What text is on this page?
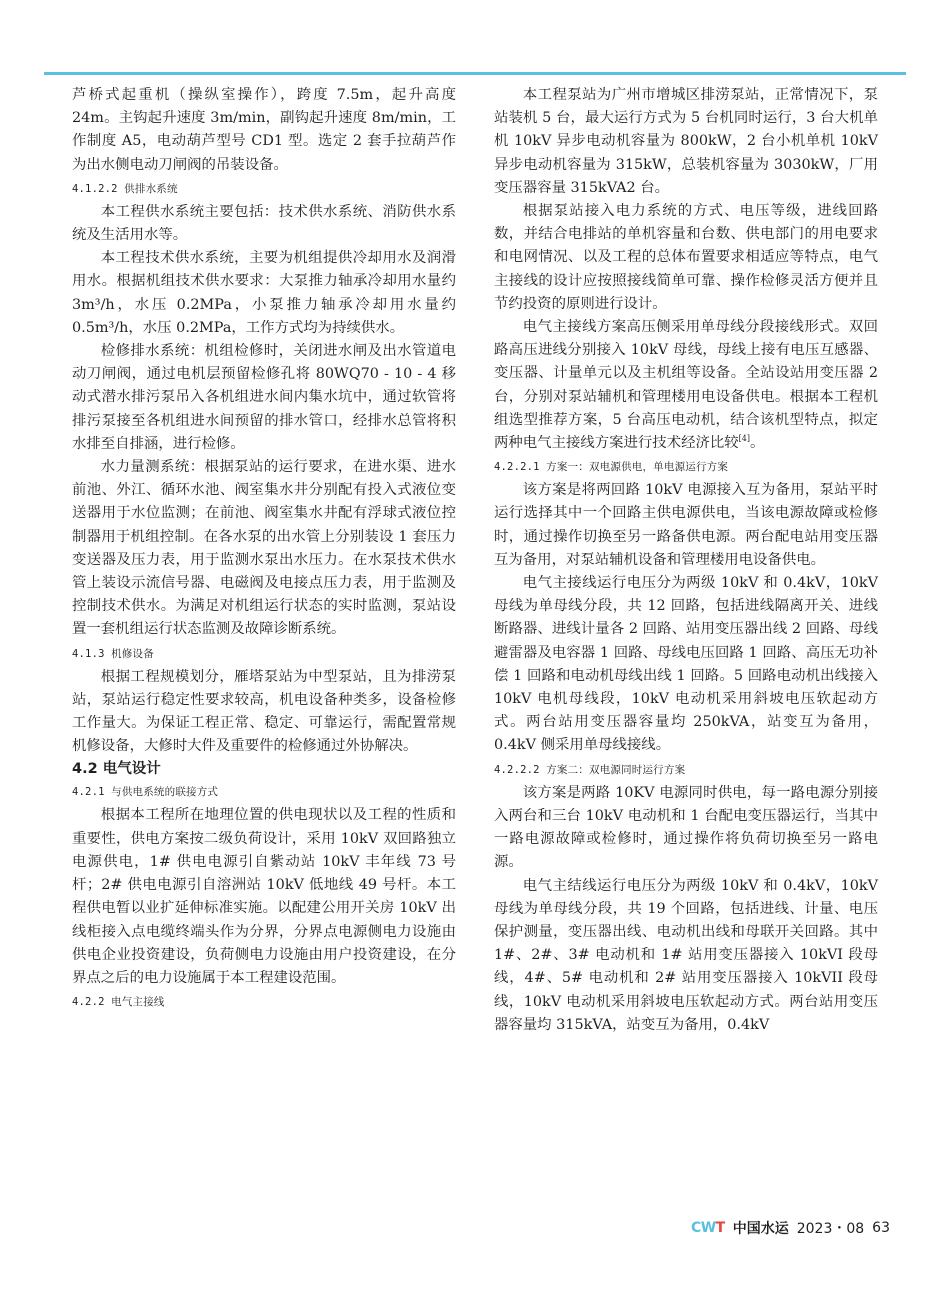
芦桥式起重机（操纵室操作），跨度 7.5m，起升高度 24m。主钩起升速度 3m/min，副钩起升速度 8m/min，工作制度 A5，电动葫芦型号 CD1 型。选定 2 套手拉葫芦作为出水侧电动刀闸阀的吊装设备。

4.1.2.2 供排水系统

本工程供水系统主要包括：技术供水系统、消防供水系统及生活用水等。

本工程技术供水系统，主要为机组提供冷却用水及润滑用水。根据机组技术供水要求：大泵推力轴承冷却用水量约 3m³/h，水压 0.2MPa，小泵推力轴承冷却用水量约 0.5m³/h，水压 0.2MPa，工作方式均为持续供水。

检修排水系统：机组检修时，关闭进水闸及出水管道电动刀闸阀，通过电机层预留检修孔将 80WQ70 - 10 - 4 移动式潜水排污泵吊入各机组进水间内集水坑中，通过软管将排污泵接至各机组进水间预留的排水管口，经排水总管将积水排至自排涵，进行检修。

水力量测系统：根据泵站的运行要求，在进水渠、进水前池、外江、循环水池、阀室集水井分别配有投入式液位变送器用于水位监测；在前池、阀室集水井配有浮球式液位控制器用于机组控制。在各水泵的出水管上分别装设 1 套压力变送器及压力表，用于监测水泵出水压力。在水泵技术供水管上装设示流信号器、电磁阀及电接点压力表，用于监测及控制技术供水。为满足对机组运行状态的实时监测，泵站设置一套机组运行状态监测及故障诊断系统。

4.1.3 机修设备

根据工程规模划分，雁塔泵站为中型泵站，且为排涝泵站，泵站运行稳定性要求较高，机电设备种类多，设备检修工作量大。为保证工程正常、稳定、可靠运行，需配置常规机修设备，大修时大件及重要件的检修通过外协解决。

4.2 电气设计
4.2.1 与供电系统的联接方式

根据本工程所在地理位置的供电现状以及工程的性质和重要性，供电方案按二级负荷设计，采用 10kV 双回路独立电源供电，1# 供电电源引自紫动站 10kV 丰年线 73 号杆；2# 供电电源引自溶洲站 10kV 低地线 49 号杆。本工程供电暂以业扩延伸标准实施。以配建公用开关房 10kV 出线柜接入点电缆终端头作为分界，分界点电源侧电力设施由供电企业投资建设，负荷侧电力设施由用户投资建设，在分界点之后的电力设施属于本工程建设范围。

4.2.2 电气主接线

本工程泵站为广州市增城区排涝泵站，正常情况下，泵站装机 5 台，最大运行方式为 5 台机同时运行，3 台大机单机 10kV 异步电动机容量为 800kW，2 台小机单机 10kV 异步电动机容量为 315kW，总装机容量为 3030kW，厂用变压器容量 315kVA2 台。

根据泵站接入电力系统的方式、电压等级，进线回路数，并结合电排站的单机容量和台数、供电部门的用电要求和电网情况、以及工程的总体布置要求相适应等特点，电气主接线的设计应按照接线简单可靠、操作检修灵活方便并且节约投资的原则进行设计。

电气主接线方案高压侧采用单母线分段接线形式。双回路高压进线分别接入 10kV 母线，母线上接有电压互感器、变压器、计量单元以及主机组等设备。全站设站用变压器 2 台，分别对泵站辅机和管理楼用电设备供电。根据本工程机组选型推荐方案，5 台高压电动机，结合该机型特点，拟定两种电气主接线方案进行技术经济比较[4]。

4.2.2.1 方案一：双电源供电，单电源运行方案

该方案是将两回路 10kV 电源接入互为备用，泵站平时运行选择其中一个回路主供电源供电，当该电源故障或检修时，通过操作切换至另一路备供电源。两台配电站用变压器互为备用，对泵站辅机设备和管理楼用电设备供电。

电气主接线运行电压分为两级 10kV 和 0.4kV，10kV 母线为单母线分段，共 12 回路，包括进线隔离开关、进线断路器、进线计量各 2 回路、站用变压器出线 2 回路、母线避雷器及电容器 1 回路、母线电压回路 1 回路、高压无功补偿 1 回路和电动机母线出线 1 回路。5 回路电动机出线接入 10kV 电机母线段，10kV 电动机采用斜坡电压软起动方式。两台站用变压器容量均 250kVA，站变互为备用，0.4kV 侧采用单母线接线。

4.2.2.2 方案二：双电源同时运行方案

该方案是两路 10KV 电源同时供电，每一路电源分别接入两台和三台 10kV 电动机和 1 台配电变压器运行，当其中一路电源故障或检修时，通过操作将负荷切换至另一路电源。

电气主结线运行电压分为两级 10kV 和 0.4kV，10kV 母线为单母线分段，共 19 个回路，包括进线、计量、电压保护测量，变压器出线、电动机出线和母联开关回路。其中 1#、2#、3# 电动机和 1# 站用变压器接入 10kVI 段母线，4#、5# 电动机和 2# 站用变压器接入 10kVII 段母线，10kV 电动机采用斜坡电压软起动方式。两台站用变压器容量均 315kVA，站变互为备用，0.4kV

CWT 中国水运 2023・08 63
